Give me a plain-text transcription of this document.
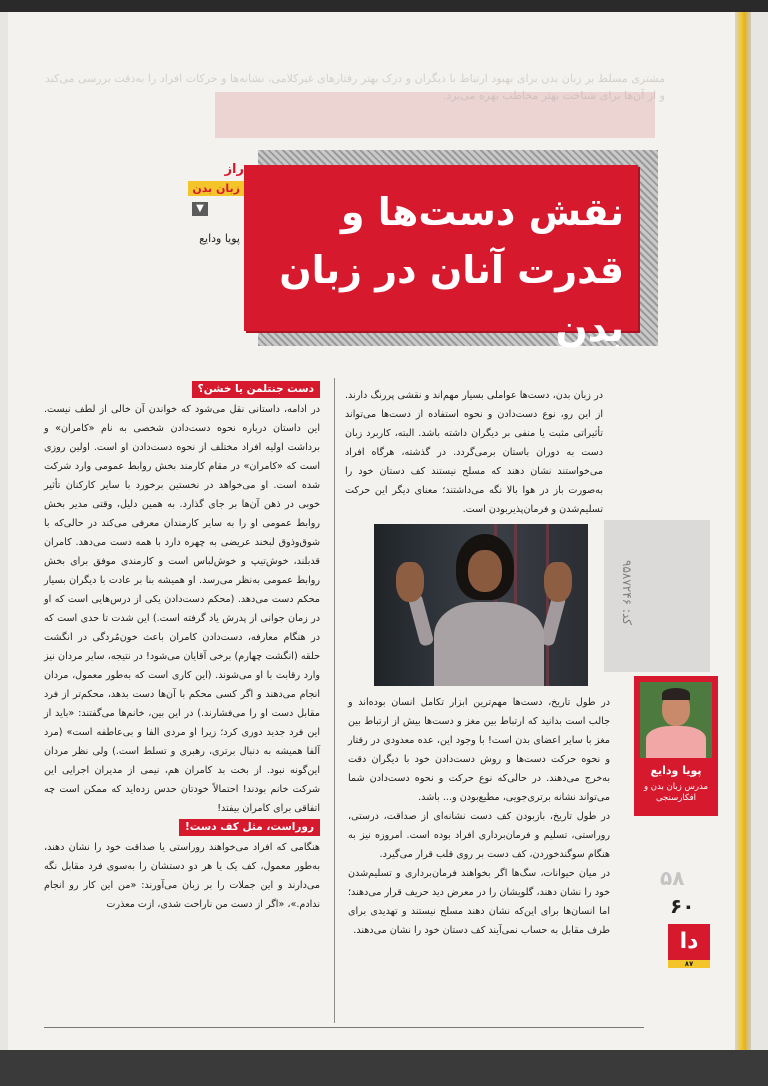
مشتری مسلط بر زبان بدن برای بهبود ارتباط با دیگران و درک بهتر رفتارهای غیرکلامی، نشانه‌ها و حرکات افراد را به‌دقت بررسی می‌کند و از آن‌ها برای شناخت بهتر مخاطب بهره می‌برد.
نقش دست‌ها و قدرت آنان در زبان بدن
راز
زبان بدن
▼
پویا ودایع

در زبان بدن، دست‌ها عواملی بسیار مهم‌اند و نقشی پررنگ دارند. از این رو، نوع دست‌دادن و نحوه استفاده از دست‌ها می‌تواند تأثیراتی مثبت یا منفی بر دیگران داشته باشد. البته، کاربرد زبان دست به دوران باستان برمی‌گردد. در گذشته، هرگاه افراد می‌خواستند نشان دهند که مسلح نیستند کف دستان خود را به‌صورت باز در هوا بالا نگه می‌داشتند؛ معنای دیگر این حرکت تسلیم‌شدن و فرمان‌پذیربودن است.

کد: ۹۵۸۷۲۴۶

در طول تاریخ، دست‌ها مهم‌ترین ابزار تکامل انسان بوده‌اند و جالب است بدانید که ارتباط بین مغز و دست‌ها بیش از ارتباط بین مغز با سایر اعضای بدن است! با وجود این، عده معدودی در رفتار و نحوه حرکت دست‌ها و روش دست‌دادن خود با دیگران دقت به‌خرج می‌دهند. در حالی‌که نوع حرکت و نحوه دست‌دادن شما می‌تواند نشانه برتری‌جویی، مطیع‌بودن و... باشد.

در طول تاریخ، بازبودن کف دست نشانه‌ای از صداقت، درستی، روراستی، تسلیم و فرمان‌برداری افراد بوده است. امروزه نیز به هنگام سوگندخوردن، کف دست بر روی قلب قرار می‌گیرد.

در میان حیوانات، سگ‌ها اگر بخواهند فرمان‌برداری و تسلیم‌شدن خود را نشان دهند، گلویشان را در معرض دید حریف قرار می‌دهند؛ اما انسان‌ها برای این‌که نشان دهند مسلح نیستند و تهدیدی برای طرف مقابل به حساب نمی‌آیند کف دستان خود را نشان می‌دهند.

دست جنتلمن یا خشن؟

در ادامه، داستانی نقل می‌شود که خواندن آن خالی از لطف نیست. این داستان درباره نحوه دست‌دادن شخصی به نام «کامران» و برداشت اولیه افراد مختلف از نحوه دست‌دادن او است. اولین روزی است که «کامران» در مقام کارمند بخش روابط عمومی وارد شرکت شده است. او می‌خواهد در نخستین برخورد با سایر کارکنان تأثیر خوبی در ذهن آن‌ها بر جای گذارد. به همین دلیل، وقتی مدیر بخش روابط عمومی او را به سایر کارمندان معرفی می‌کند در حالی‌که با شوق‌وذوق لبخند عریضی به چهره دارد با همه دست می‌دهد. کامران قدبلند، خوش‌تیپ و خوش‌لباس است و کارمندی موفق برای بخش روابط عمومی به‌نظر می‌رسد. او همیشه بنا بر عادت با دیگران بسیار محکم دست می‌دهد. (محکم دست‌دادن یکی از درس‌هایی است که او در زمان جوانی از پدرش یاد گرفته است.) این شدت تا حدی است که در هنگام معارفه، دست‌دادن کامران باعث خون‌مُردگی در انگشت حلقه (انگشت چهارم) برخی آقایان می‌شود! در نتیجه، سایر مردان نیز وارد رقابت با او می‌شوند. (این کاری است که به‌طور معمول، مردان انجام می‌دهند و اگر کسی محکم با آن‌ها دست بدهد، محکم‌تر از فرد مقابل دست او را می‌فشارند.) در این بین، خانم‌ها می‌گفتند: «باید از این فرد جدید دوری کرد؛ زیرا او مردی الفا و بی‌عاطفه است» (مرد آلفا همیشه به دنبال برتری، رهبری و تسلط است.) ولی نظر مردان این‌گونه نبود. از بخت بد کامران هم، نیمی از مدیران اجرایی این شرکت خانم بودند! احتمالاً خودتان حدس زده‌اید که ممکن است چه اتفاقی برای کامران بیفتد!

روراست، مثل کف دست!

هنگامی که افراد می‌خواهند روراستی یا صداقت خود را نشان دهند، به‌طور معمول، کف یک یا هر دو دستشان را به‌سوی فرد مقابل نگه می‌دارند و این جملات را بر زبان می‌آورند: «من این کار رو انجام ندادم.»، «اگر از دست من ناراحت شدی، ازت معذرت

پویا ودایع
مدرس زبان بدن و افکارسنجی
۵۸
۶۰
دا
۸۷
